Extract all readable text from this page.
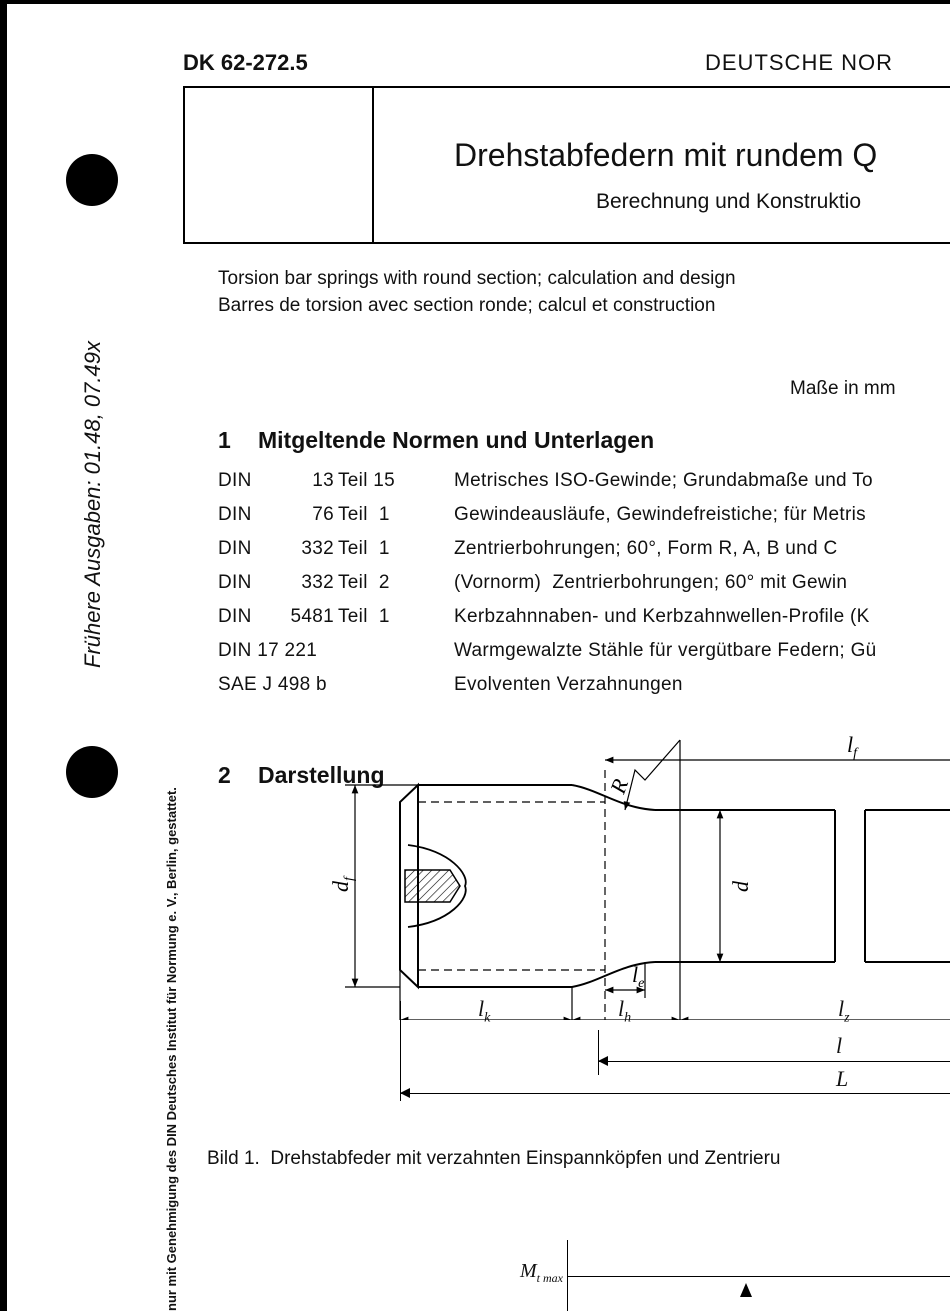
Frühere Ausgaben: 01.48, 07.49x
nur mit Genehmigung des DIN Deutsches Institut für Normung e. V., Berlin, gestattet.
DK 62-272.5	DEUTSCHE NOR
Drehstabfedern mit rundem Q
Berechnung und Konstruktio
Torsion bar springs with round section; calculation and design
Barres de torsion avec section ronde; calcul et construction
Maße in mm
1 Mitgeltende Normen und Unterlagen
DIN	13 Teil 15	Metrisches ISO-Gewinde; Grundabmaße und To
DIN	76 Teil  1	Gewindeausläufe, Gewindefreistiche; für Metris
DIN	332 Teil  1	Zentrierbohrungen; 60°, Form R, A, B und C
DIN	332 Teil  2	(Vornorm)  Zentrierbohrungen; 60° mit Gewin
DIN	5481 Teil  1	Kerbzahnnaben- und Kerbzahnwellen-Profile (K
DIN 17 221	Warmgewalzte Stähle für vergütbare Federn; Gü
SAE J 498 b	Evolventen Verzahnungen
2 Darstellung
$l_f$
R
d
$d_f$
$l_e$
$l_k$	$l_h$	$l_z$
l
L
Bild 1.  Drehstabfeder mit verzahnten Einspannköpfen und Zentrieru
$M_{t max}$
